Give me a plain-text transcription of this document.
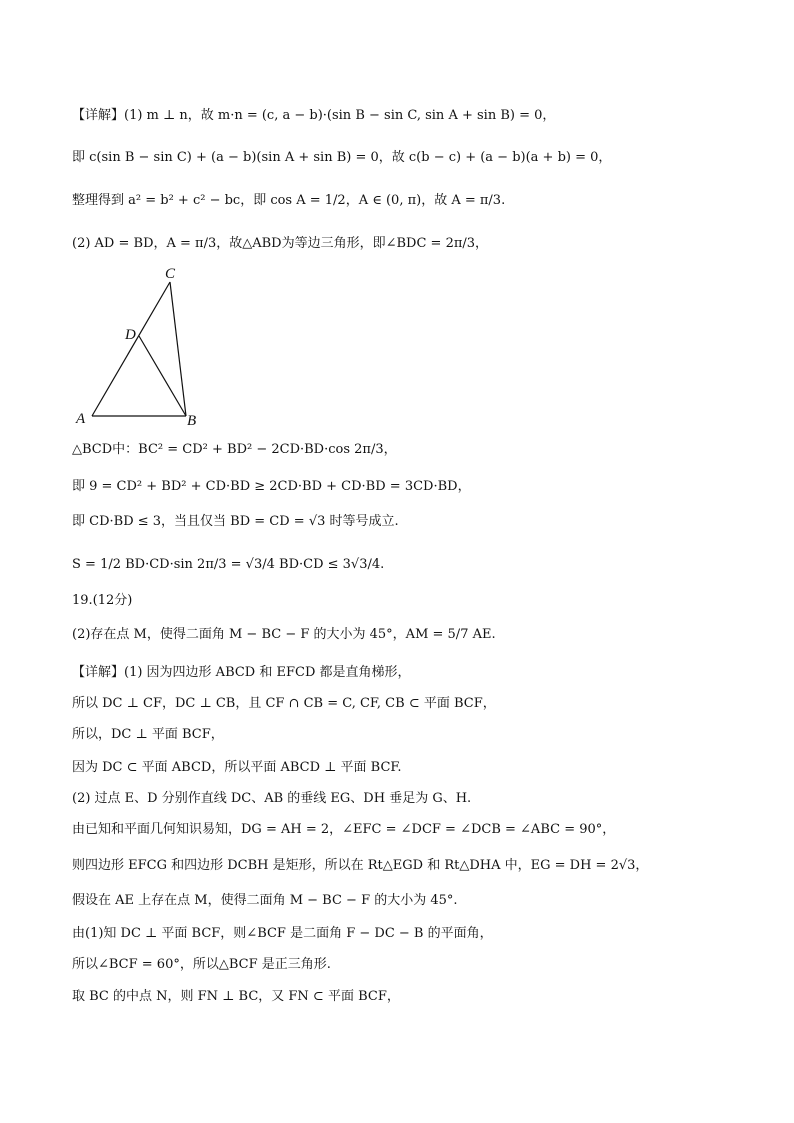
【详解】(1) m ⊥ n，故 m·n = (c, a − b)·(sin B − sin C, sin A + sin B) = 0，
即 c(sin B − sin C) + (a − b)(sin A + sin B) = 0，故 c(b − c) + (a − b)(a + b) = 0，
整理得到 a² = b² + c² − bc，即 cos A = 1/2，A ∈ (0, π)，故 A = π/3.
(2) AD = BD，A = π/3，故△ABD为等边三角形，即∠BDC = 2π/3，
C
D
A	B
△BCD中：BC² = CD² + BD² − 2CD·BD·cos 2π/3，
即 9 = CD² + BD² + CD·BD ≥ 2CD·BD + CD·BD = 3CD·BD，
即 CD·BD ≤ 3，当且仅当 BD = CD = √3 时等号成立.
S = 1/2 BD·CD·sin 2π/3 = √3/4 BD·CD ≤ 3√3/4.
19.(12分)
(2)存在点 M，使得二面角 M − BC − F 的大小为 45°，AM = 5/7 AE.
【详解】(1) 因为四边形 ABCD 和 EFCD 都是直角梯形，
所以 DC ⊥ CF，DC ⊥ CB，且 CF ∩ CB = C, CF, CB ⊂ 平面 BCF，
所以，DC ⊥ 平面 BCF，
因为 DC ⊂ 平面 ABCD，所以平面 ABCD ⊥ 平面 BCF.
(2) 过点 E、D 分别作直线 DC、AB 的垂线 EG、DH 垂足为 G、H.
由已知和平面几何知识易知，DG = AH = 2，∠EFC = ∠DCF = ∠DCB = ∠ABC = 90°，
则四边形 EFCG 和四边形 DCBH 是矩形，所以在 Rt△EGD 和 Rt△DHA 中，EG = DH = 2√3，
假设在 AE 上存在点 M，使得二面角 M − BC − F 的大小为 45°.
由(1)知 DC ⊥ 平面 BCF，则∠BCF 是二面角 F − DC − B 的平面角，
所以∠BCF = 60°，所以△BCF 是正三角形.
取 BC 的中点 N，则 FN ⊥ BC，又 FN ⊂ 平面 BCF，
